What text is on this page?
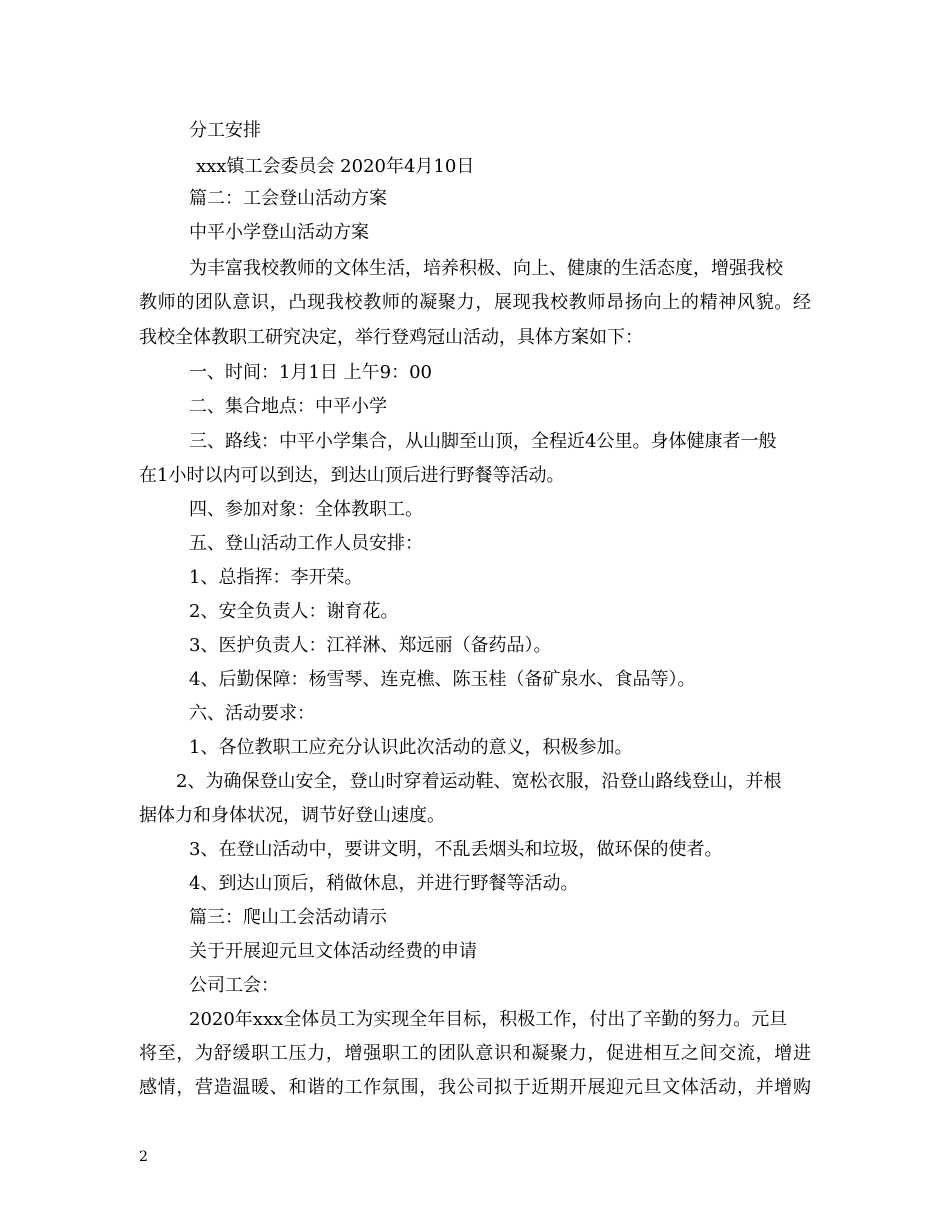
分工安排
xxx镇工会委员会 2020年4月10日
篇二：工会登山活动方案
中平小学登山活动方案
为丰富我校教师的文体生活，培养积极、向上、健康的生活态度，增强我校
教师的团队意识，凸现我校教师的凝聚力，展现我校教师昂扬向上的精神风貌。经
我校全体教职工研究决定，举行登鸡冠山活动，具体方案如下：
一、时间：1月1日 上午9：00
二、集合地点：中平小学
三、路线：中平小学集合，从山脚至山顶，全程近4公里。身体健康者一般
在1小时以内可以到达，到达山顶后进行野餐等活动。
四、参加对象：全体教职工。
五、登山活动工作人员安排：
1、总指挥：李开荣。
2、安全负责人：谢育花。
3、医护负责人：江祥淋、郑远丽（备药品）。
4、后勤保障：杨雪琴、连克樵、陈玉桂（备矿泉水、食品等）。
六、活动要求：
1、各位教职工应充分认识此次活动的意义，积极参加。
2、为确保登山安全，登山时穿着运动鞋、宽松衣服，沿登山路线登山，并根
据体力和身体状况，调节好登山速度。
3、在登山活动中，要讲文明，不乱丢烟头和垃圾，做环保的使者。
4、到达山顶后，稍做休息，并进行野餐等活动。
篇三：爬山工会活动请示
关于开展迎元旦文体活动经费的申请
公司工会：
2020年xxx全体员工为实现全年目标，积极工作，付出了辛勤的努力。元旦
将至，为舒缓职工压力，增强职工的团队意识和凝聚力，促进相互之间交流，增进
感情，营造温暖、和谐的工作氛围，我公司拟于近期开展迎元旦文体活动，并增购
2
